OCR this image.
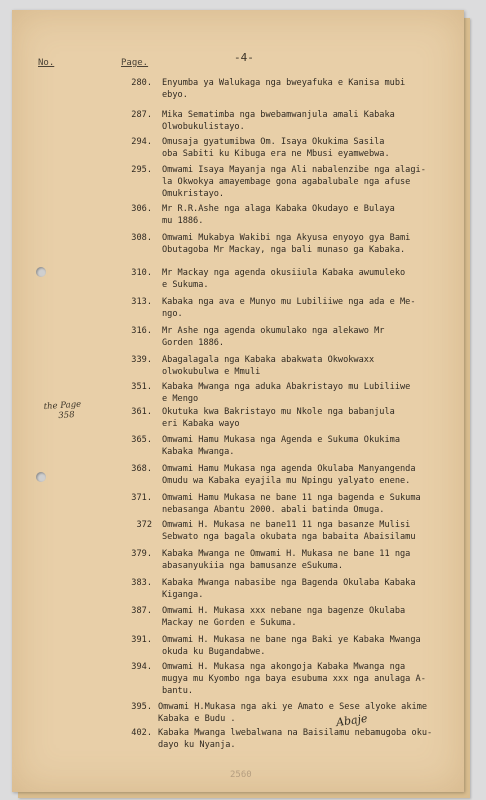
No.	Page.	-4-
the Page
358
280. Enyumba ya Walukaga nga bweyafuka e Kanisa mubi
ebyo.
287. Mika Sematimba nga bwebamwanjula amali Kabaka
Olwobukulistayo.
294. Omusaja gyatumibwa Om. Isaya Okukima Sasila
oba Sabiti ku Kibuga era ne Mbusi eyamwebwa.
295. Omwami Isaya Mayanja nga Ali nabalenzibe nga alagi-
la Okwokya amayembage gona agabalubale nga afuse
Omukristayo.
306. Mr R.R.Ashe nga alaga Kabaka Okudayo e Bulaya
mu 1886.
308. Omwami Mukabya Wakibi nga Akyusa enyoyo gya Bami
Obutagoba Mr Mackay, nga bali munaso ga Kabaka.
310. Mr Mackay nga agenda okusiiula Kabaka awumuleko
e Sukuma.
313. Kabaka nga ava e Munyo mu Lubiliiwe nga ada e Me-
ngo.
316. Mr Ashe nga agenda okumulako nga alekawo Mr
Gorden 1886.
339. Abagalagala nga Kabaka abakwata Okwokwaxx
olwokubulwa e Mmuli
351. Kabaka Mwanga nga aduka Abakristayo mu Lubiliiwe
e Mengo
361. Okutuka kwa Bakristayo mu Nkole nga babanjula
eri Kabaka wayo
365. Omwami Hamu Mukasa nga Agenda e Sukuma Okukima
Kabaka Mwanga.
368. Omwami Hamu Mukasa nga agenda Okulaba Manyangenda
Omudu wa Kabaka eyajila mu Npingu yalyato enene.
371. Omwami Hamu Mukasa ne bane 11 nga bagenda e Sukuma
nebasanga Abantu 2000. abali batinda Omuga.
372 Omwami H. Mukasa ne bane11 11 nga basanze Mulisi
Sebwato nga bagala okubata nga babaita Abaisilamu
379. Kabaka Mwanga ne Omwami H. Mukasa ne bane 11 nga
abasanyukiia nga bamusanze eSukuma.
383. Kabaka Mwanga nabasibe nga Bagenda Okulaba Kabaka
Kiganga.
387. Omwami H. Mukasa xxx nebane nga bagenze Okulaba
Mackay ne Gorden e Sukuma.
391. Omwami H. Mukasa ne bane nga Baki ye Kabaka Mwanga
okuda ku Bugandabwe.
394. Omwami H. Mukasa nga akongoja Kabaka Mwanga nga
mugya mu Kyombo nga baya esubuma xxx nga anulaga A-
bantu.
395. Omwami H.Mukasa nga aki ye Amato e Sese alyoke akime
Kabaka e Budu .
402. Kabaka Mwanga lwebalwana na Baisilamu nebamugoba oku-
dayo ku Nyanja.
Abaje
2560
